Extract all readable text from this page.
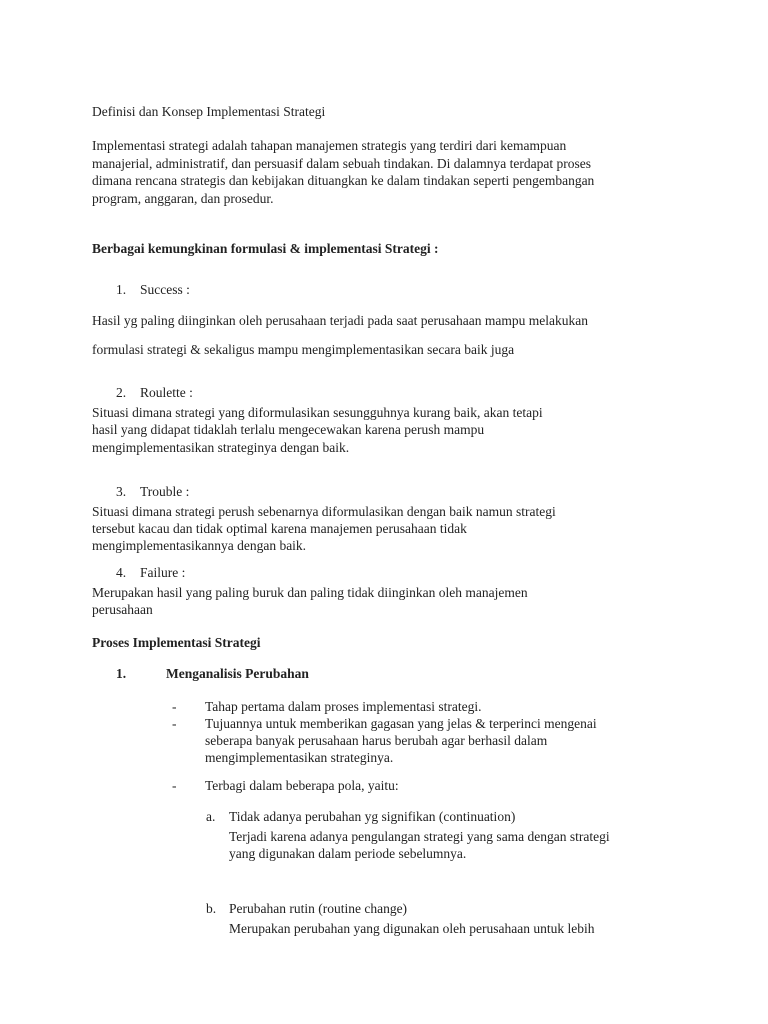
Definisi dan Konsep Implementasi Strategi
Implementasi strategi adalah tahapan manajemen strategis yang terdiri dari kemampuan
manajerial, administratif, dan persuasif dalam sebuah tindakan. Di dalamnya terdapat proses
dimana rencana strategis dan kebijakan dituangkan ke dalam tindakan seperti pengembangan
program, anggaran, dan prosedur.
Berbagai kemungkinan formulasi & implementasi Strategi :
1. Success :
Hasil yg paling diinginkan oleh perusahaan terjadi pada saat perusahaan mampu melakukan
formulasi strategi & sekaligus mampu mengimplementasikan secara baik juga
2. Roulette :
Situasi dimana strategi yang diformulasikan sesungguhnya kurang baik, akan tetapi
hasil yang didapat tidaklah terlalu mengecewakan karena perush mampu
mengimplementasikan strateginya dengan baik.
3. Trouble :
Situasi dimana strategi perush sebenarnya diformulasikan dengan baik namun strategi
tersebut kacau dan tidak optimal karena manajemen perusahaan tidak
mengimplementasikannya dengan baik.
4. Failure :
Merupakan hasil yang paling buruk dan paling tidak diinginkan oleh manajemen
perusahaan
Proses Implementasi Strategi
1.	Menganalisis Perubahan
- Tahap pertama dalam proses implementasi strategi.
- Tujuannya untuk memberikan gagasan yang jelas & terperinci mengenai
seberapa banyak perusahaan harus berubah agar berhasil dalam
mengimplementasikan strateginya.
- Terbagi dalam beberapa pola, yaitu:
a. Tidak adanya perubahan yg signifikan (continuation)
Terjadi karena adanya pengulangan strategi yang sama dengan strategi
yang digunakan dalam periode sebelumnya.
b. Perubahan rutin (routine change)
Merupakan perubahan yang digunakan oleh perusahaan untuk lebih
